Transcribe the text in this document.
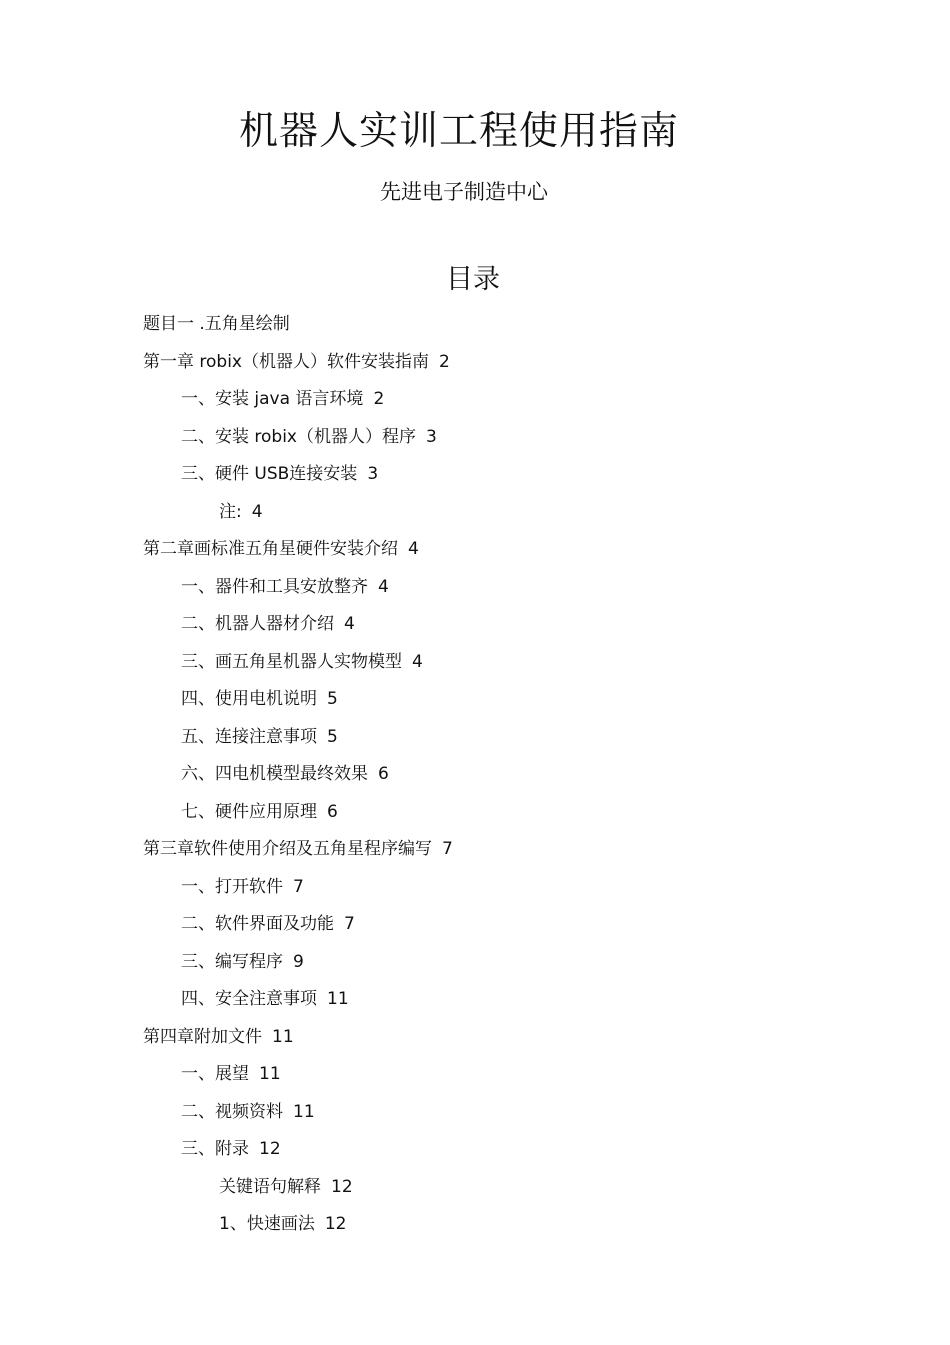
机器人实训工程使用指南
先进电子制造中心
目录
题目一 .五角星绘制
第一章 robix（机器人）软件安装指南 2
一、安装 java 语言环境 2
二、安装 robix（机器人）程序 3
三、硬件 USB连接安装 3
注: 4
第二章画标准五角星硬件安装介绍 4
一、器件和工具安放整齐 4
二、机器人器材介绍 4
三、画五角星机器人实物模型 4
四、使用电机说明 5
五、连接注意事项 5
六、四电机模型最终效果 6
七、硬件应用原理 6
第三章软件使用介绍及五角星程序编写 7
一、打开软件 7
二、软件界面及功能 7
三、编写程序 9
四、安全注意事项 11
第四章附加文件 11
一、展望 11
二、视频资料 11
三、附录 12
关键语句解释 12
1、快速画法 12
